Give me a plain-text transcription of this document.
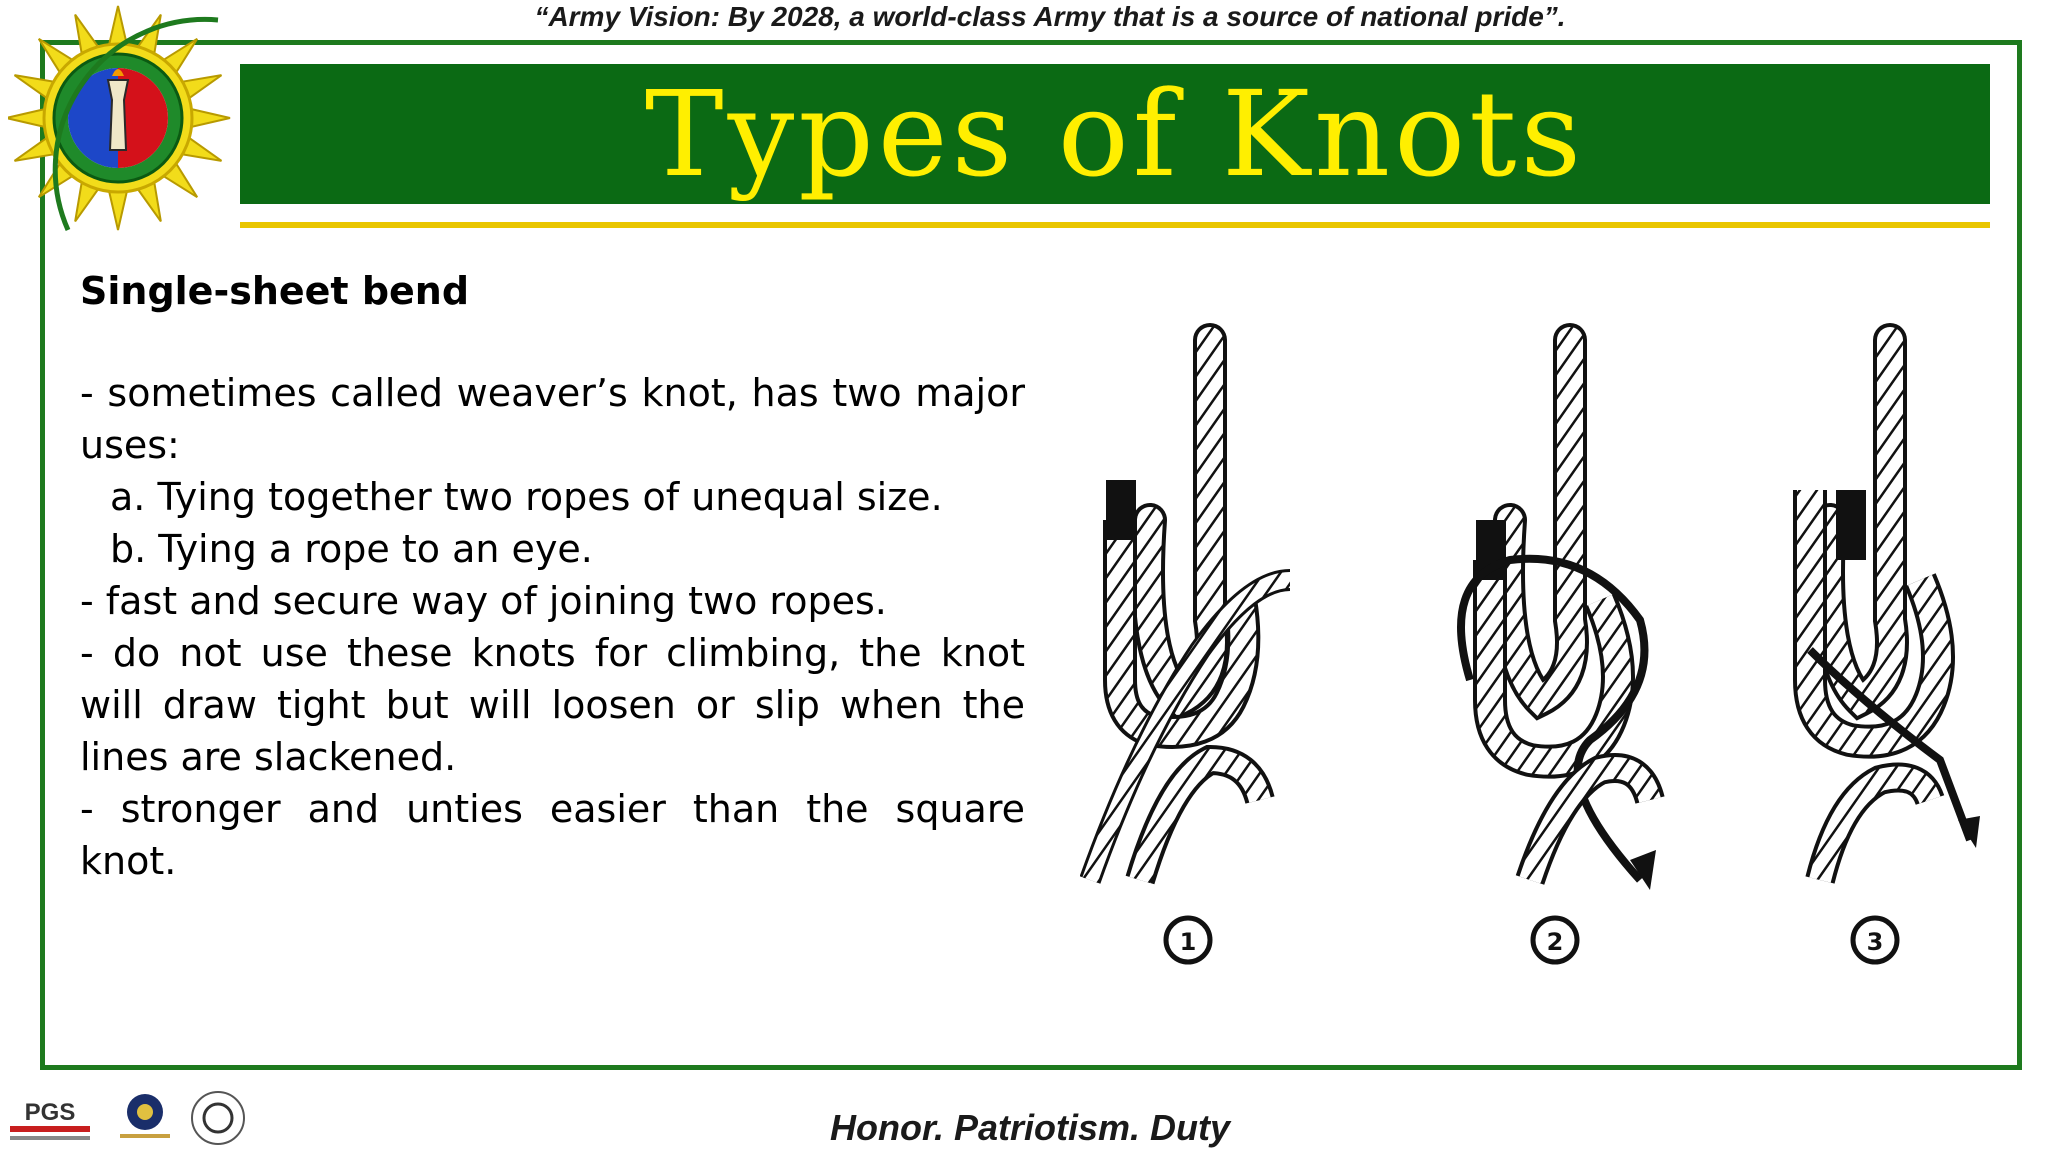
“Army Vision: By 2028, a world-class Army that is a source of national pride”.
Types of Knots
Single-sheet bend

- sometimes called weaver’s knot, has two major uses:

a. Tying together two ropes of unequal size.

b. Tying a rope to an eye.

- fast and secure way of joining two ropes.

- do not use these knots for climbing, the knot will draw tight but will loosen or slip when the lines are slackened.

- stronger and unties easier than the square knot.

1	2	3
PGS	Honor. Patriotism. Duty
